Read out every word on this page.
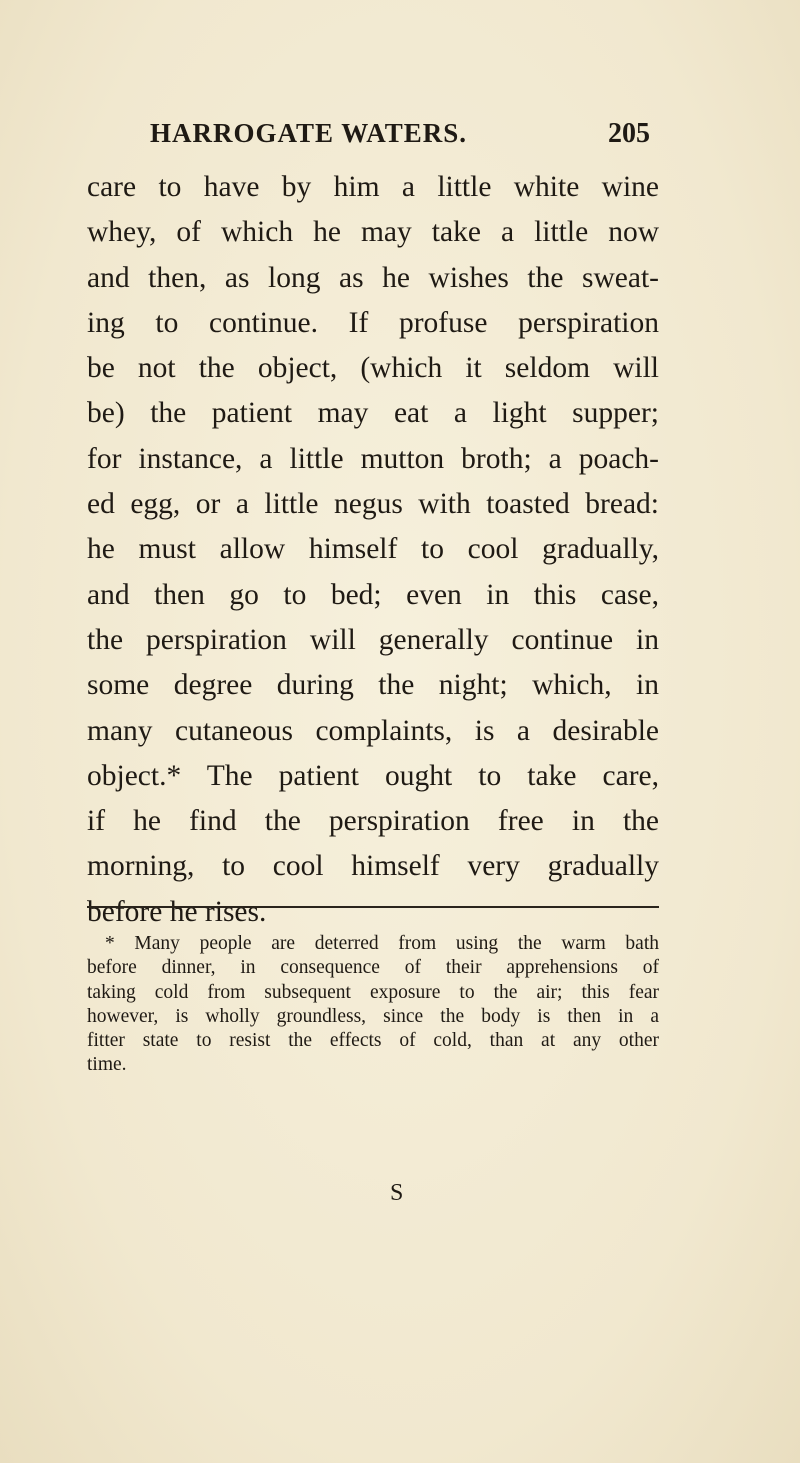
HARROGATE WATERS.	205
care to have by him a little white wine
whey, of which he may take a little now
and then, as long as he wishes the sweat-
ing to continue. If profuse perspiration
be not the object, (which it seldom will
be) the patient may eat a light supper;
for instance, a little mutton broth; a poach-
ed egg, or a little negus with toasted bread:
he must allow himself to cool gradually,
and then go to bed; even in this case,
the perspiration will generally continue in
some degree during the night; which, in
many cutaneous complaints, is a desirable
object.* The patient ought to take care,
if he find the perspiration free in the
morning, to cool himself very gradually
before he rises.
* Many people are deterred from using the warm bath
before dinner, in consequence of their apprehensions of
taking cold from subsequent exposure to the air; this fear
however, is wholly groundless, since the body is then in a
fitter state to resist the effects of cold, than at any other
time.
S
